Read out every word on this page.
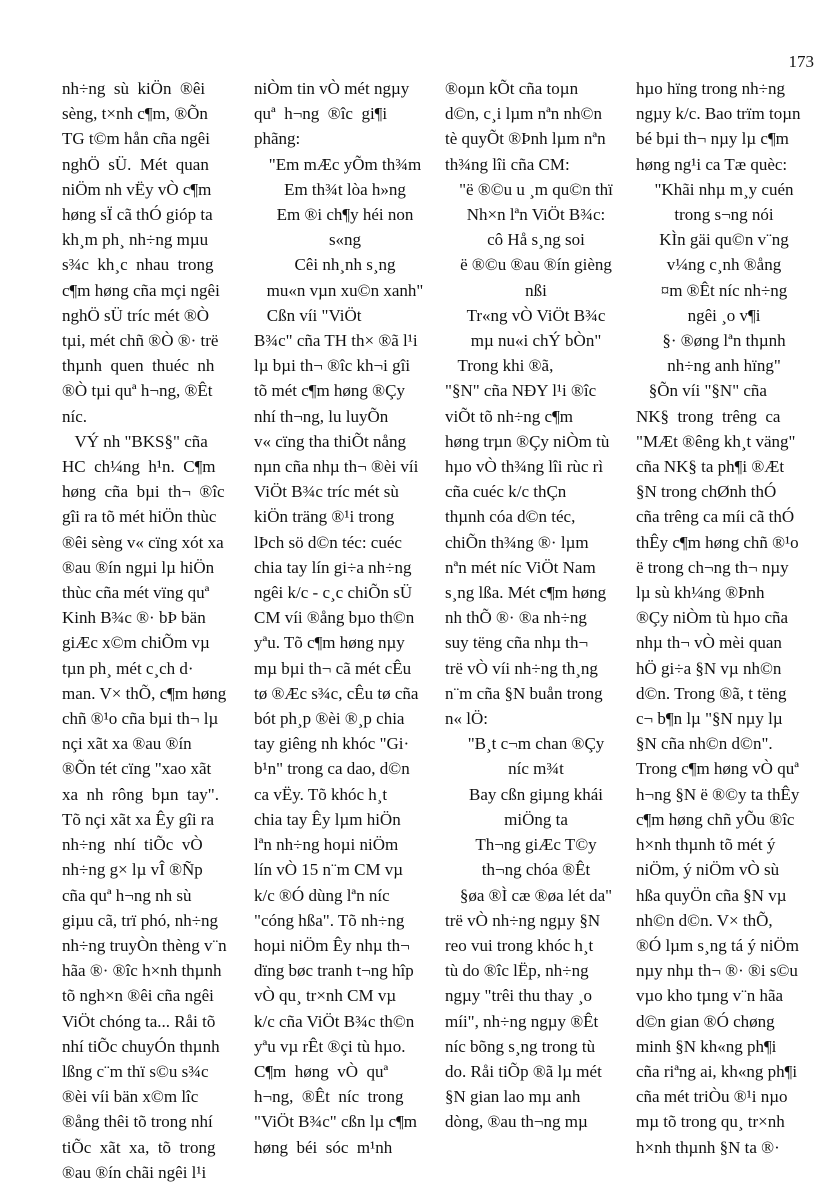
173

nh÷ng  sù  kiÖn  ®êi

sèng, t×nh c¶m, ®Õn

TG t©m hån cña ngêi

nghÖ  sÜ.  Mét  quan

niÖm nh vËy vÒ c¶m

høng sÏ cã thÓ gióp ta

kh¸m ph¸ nh÷ng mµu

s¾c  kh¸c  nhau  trong

c¶m høng cña mçi ngêi

nghÖ sÜ tríc mét ®Ò

tµi, mét chñ ®Ò ®· trë

thµnh  quen  thuéc  nh

®Ò tµi quª h¬ng, ®Êt

níc.

VÝ nh "BKS§" cña

HC  ch¼ng  h¹n.  C¶m

høng  cña  bµi  th¬  ®îc

gîi ra tõ mét hiÖn thùc

®êi sèng v« cïng xót xa

®au ®ín ngµi lµ hiÖn

thùc cña mét vïng quª

Kinh B¾c ®· bÞ bän

giÆc x©m chiÕm vµ

tµn ph¸ mét c¸ch d·

man. V× thÕ, c¶m høng

chñ ®¹o cña bµi th¬ lµ

nçi xãt xa ®au ®ín

®Õn tét cïng "xao xãt

xa  nh  rông  bµn  tay".

Tõ nçi xãt xa Êy gîi ra

nh÷ng  nhí  tiÕc  vÒ

nh÷ng g× lµ vÎ ®Ñp

cña quª h¬ng nh sù

giµu cã, trï phó, nh÷ng

nh÷ng truyÒn thèng v¨n

hãa ®· ®îc h×nh thµnh

tõ ngh×n ®êi cña ngêi

ViÖt chóng ta... Råi tõ

nhí tiÕc chuyÓn thµnh

lßng c¨m thï s©u s¾c

®èi víi bän x©m lîc

®ång thêi tõ trong nhí

tiÕc  xãt  xa,  tõ  trong

®au ®ín chãi ngêi l¹i

niÒm tin vÒ mét ngµy

quª  h¬ng  ®îc  gi¶i

phãng:

"Em mÆc yÕm th¾m

Em th¾t lòa h»ng

Em ®i ch¶y héi non

s«ng

Cêi nh¸nh s¸ng

mu«n vµn xu©n xanh"

Cßn víi "ViÖt

B¾c" cña TH th× ®ã l¹i

lµ bµi th¬ ®îc kh¬i gîi

tõ mét c¶m høng ®Çy

nhí th¬ng, lu luyÕn

v« cïng tha thiÕt nång

nµn cña nhµ th¬ ®èi víi

ViÖt B¾c tríc mét sù

kiÖn träng ®¹i trong

lÞch sö d©n téc: cuéc

chia tay lín gi÷a nh÷ng

ngêi k/c - c¸c chiÕn sÜ

CM víi ®ång bµo th©n

yªu. Tõ c¶m høng nµy

mµ bµi th¬ cã mét cÊu

tø ®Æc s¾c, cÊu tø cña

bót ph¸p ®èi ®¸p chia

tay giêng nh khóc "Gi·

b¹n" trong ca dao, d©n

ca vËy. Tõ khóc h¸t

chia tay Êy lµm hiÖn

lªn nh÷ng hoµi niÖm

lín vÒ 15 n¨m CM vµ

k/c ®Ó dùng lªn níc

"cóng hßa". Tõ nh÷ng

hoµi niÖm Êy nhµ th¬

dïng bøc tranh t¬ng hîp

vÒ qu¸ tr×nh CM vµ

k/c cña ViÖt B¾c th©n

yªu vµ rÊt ®çi tù hµo.

C¶m  høng  vÒ  quª

h¬ng,  ®Êt  níc  trong

"ViÖt B¾c" cßn lµ c¶m

høng  béi  sóc  m¹nh

®oµn kÕt cña toµn

d©n, c¸i lµm nªn nh©n

tè quyÕt ®Þnh lµm nªn

th¾ng lîi cña CM:

"ë ®©u u ¸m qu©n thï

Nh×n lªn ViÖt B¾c:

cô Hå s¸ng soi

ë ®©u ®au ®ín gièng

nßi

Tr«ng vÒ ViÖt B¾c

mµ nu«i chÝ bÒn"

Trong khi ®ã,

"§N" cña NÐY l¹i ®îc

viÕt tõ nh÷ng c¶m

høng trµn ®Çy niÒm tù

hµo vÒ th¾ng lîi rùc rì

cña cuéc k/c thÇn

thµnh cóa d©n téc,

chiÕn th¾ng ®· lµm

nªn mét níc ViÖt Nam

s¸ng lßa. Mét c¶m høng

nh thÕ ®· ®a nh÷ng

suy tëng cña nhµ th¬

trë vÒ víi nh÷ng th¸ng

n¨m cña §N buån trong

n« lÖ:

"B¸t c¬m chan ®Çy

níc m¾t

Bay cßn giµng khái

miÖng ta

Th¬ng giÆc T©y

th¬ng chóa ®Êt

§øa ®Ì cæ ®øa lét da"

trë vÒ nh÷ng ngµy §N

reo vui trong khóc h¸t

tù do ®îc lËp, nh÷ng

ngµy "trêi thu thay ¸o

míi", nh÷ng ngµy ®Êt

níc bõng s¸ng trong tù

do. Råi tiÕp ®ã lµ mét

§N gian lao mµ anh

dòng, ®au th¬ng mµ

hµo hïng trong nh÷ng

ngµy k/c. Bao trïm toµn

bé bµi th¬ nµy lµ c¶m

høng ng¹i ca Tæ quèc:

"Khãi nhµ m¸y cuén

trong s¬ng nói

KÌn gäi qu©n v¨ng

v¼ng c¸nh ®ång

¤m ®Êt níc nh÷ng

ngêi ¸o v¶i

§· ®øng lªn thµnh

nh÷ng anh hïng"

§Õn víi "§N" cña

NK§  trong  trêng  ca

"MÆt ®êng kh¸t väng"

cña NK§ ta ph¶i ®Æt

§N trong chØnh thÓ

cña trêng ca míi cã thÓ

thÊy c¶m høng chñ ®¹o

ë trong ch¬ng th¬ nµy

lµ sù kh¼ng ®Þnh

®Çy niÒm tù hµo cña

nhµ th¬ vÒ mèi quan

hÖ gi÷a §N vµ nh©n

d©n. Trong ®ã, t tëng

c¬ b¶n lµ "§N nµy lµ

§N cña nh©n d©n".

Trong c¶m høng vÒ quª

h¬ng §N ë ®©y ta thÊy

c¶m høng chñ yÕu ®îc

h×nh thµnh tõ mét ý

niÖm, ý niÖm vÒ sù

hßa quyÖn cña §N vµ

nh©n d©n. V× thÕ,

®Ó lµm s¸ng tá ý niÖm

nµy nhµ th¬ ®· ®i s©u

vµo kho tµng v¨n hãa

d©n gian ®Ó chøng

minh §N kh«ng ph¶i

cña riªng ai, kh«ng ph¶i

cña mét triÒu ®¹i nµo

mµ tõ trong qu¸ tr×nh

h×nh thµnh §N ta ®·
